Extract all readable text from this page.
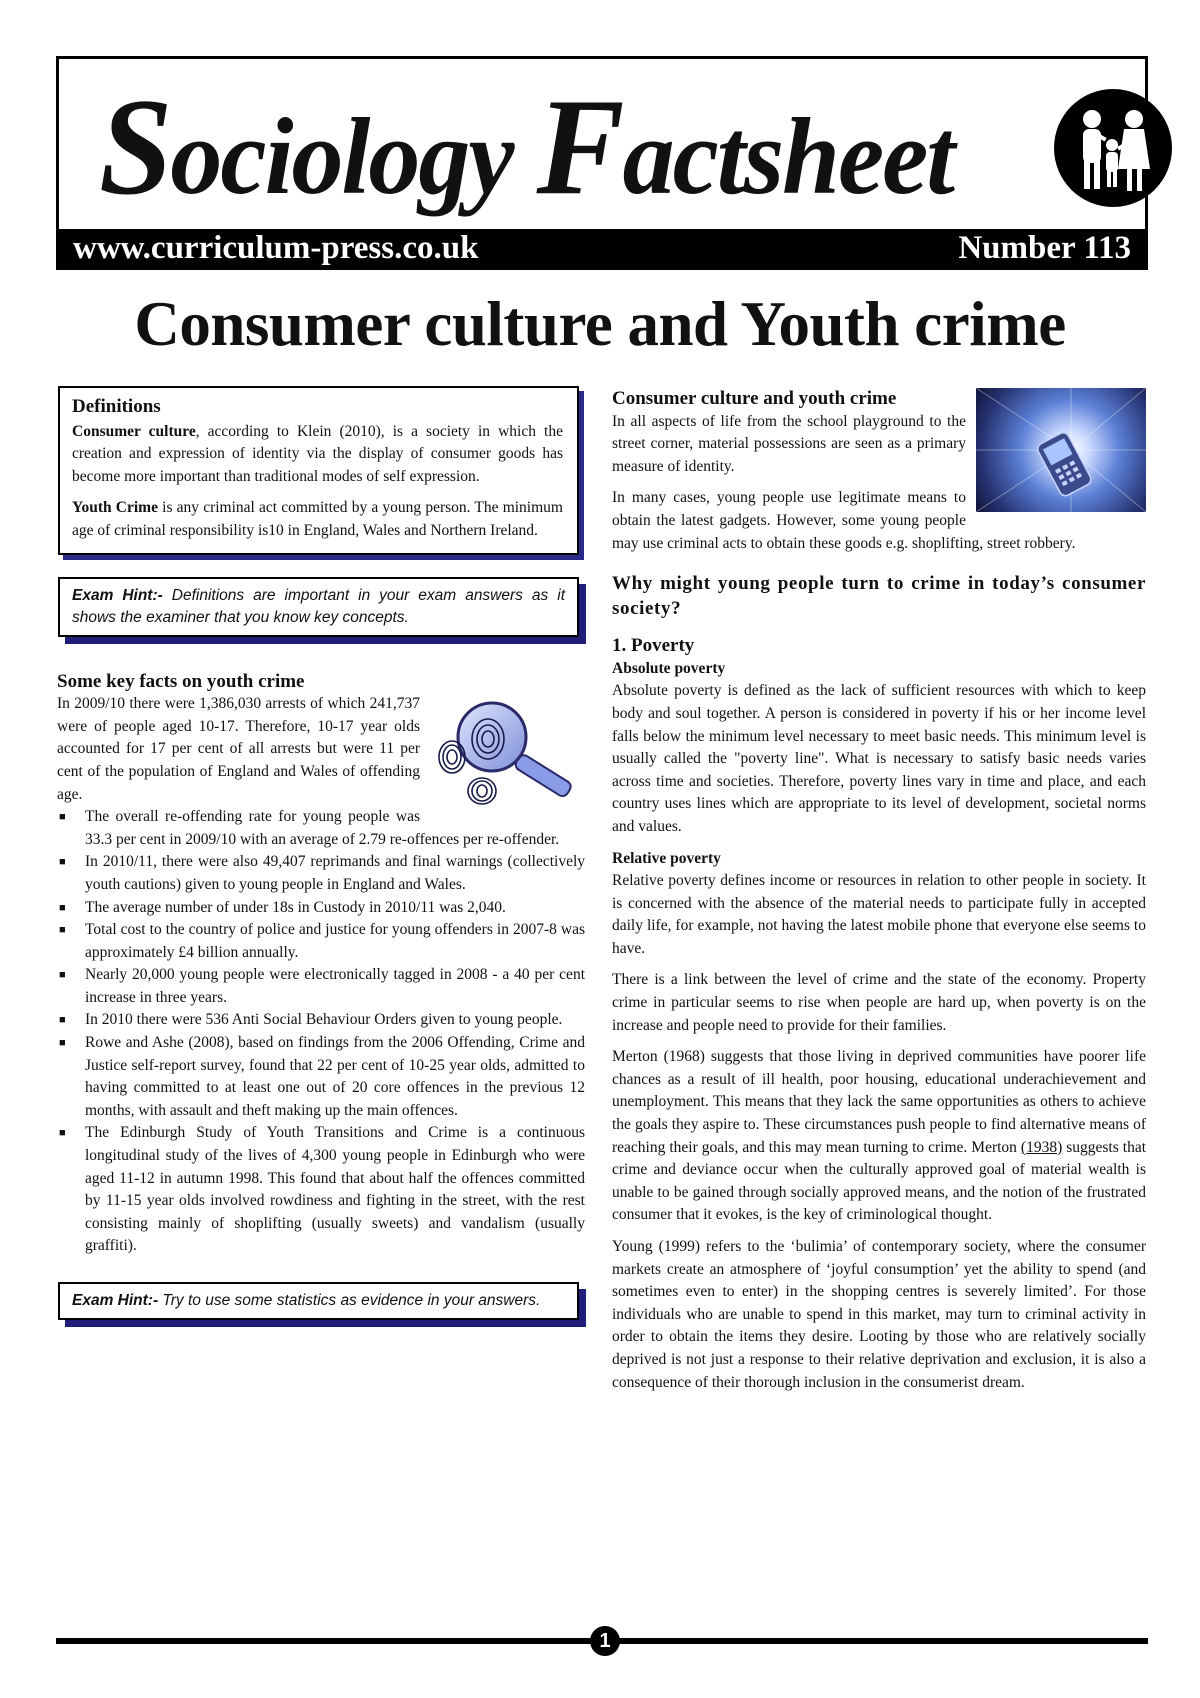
Sociology Factsheet
www.curriculum-press.co.uk	Number 113
Consumer culture and Youth crime
Definitions

Consumer culture, according to Klein (2010), is a society in which the creation and expression of identity via the display of consumer goods has become more important than traditional modes of self expression.

Youth Crime is any criminal act committed by a young person. The minimum age of criminal responsibility is10 in England, Wales and Northern Ireland.

Exam Hint:- Definitions are important in your exam answers as it shows the examiner that you know key concepts.
Some key facts on youth crime

In 2009/10 there were 1,386,030 arrests of which 241,737 were of people aged 10-17. Therefore, 10-17 year olds accounted for 17 per cent of all arrests but were 11 per cent of the population of England and Wales of offending age.

■ The overall re-offending rate for young people was 33.3 per cent in 2009/10 with an average of 2.79 re-offences per re-offender.
■ In 2010/11, there were also 49,407 reprimands and final warnings (collectively youth cautions) given to young people in England and Wales.
■ The average number of under 18s in Custody in 2010/11 was 2,040.
■ Total cost to the country of police and justice for young offenders in 2007-8 was approximately £4 billion annually.
■ Nearly 20,000 young people were electronically tagged in 2008 - a 40 per cent increase in three years.
■ In 2010 there were 536 Anti Social Behaviour Orders given to young people.
■ Rowe and Ashe (2008), based on findings from the 2006 Offending, Crime and Justice self-report survey, found that 22 per cent of 10-25 year olds, admitted to having committed to at least one out of 20 core offences in the previous 12 months, with assault and theft making up the main offences.
■ The Edinburgh Study of Youth Transitions and Crime is a continuous longitudinal study of the lives of 4,300 young people in Edinburgh who were aged 11-12 in autumn 1998. This found that about half the offences committed by 11-15 year olds involved rowdiness and fighting in the street, with the rest consisting mainly of shoplifting (usually sweets) and vandalism (usually graffiti).
Exam Hint:- Try to use some statistics as evidence in your answers.
Consumer culture and youth crime

In all aspects of life from the school playground to the street corner, material possessions are seen as a primary measure of identity.

In many cases, young people use legitimate means to obtain the latest gadgets. However, some young people may use criminal acts to obtain these goods e.g. shoplifting, street robbery.

Why might young people turn to crime in today’s consumer society?
1. Poverty
Absolute poverty

Absolute poverty is defined as the lack of sufficient resources with which to keep body and soul together. A person is considered in poverty if his or her income level falls below the minimum level necessary to meet basic needs. This minimum level is usually called the "poverty line". What is necessary to satisfy basic needs varies across time and societies. Therefore, poverty lines vary in time and place, and each country uses lines which are appropriate to its level of development, societal norms and values.

Relative poverty

Relative poverty defines income or resources in relation to other people in society. It is concerned with the absence of the material needs to participate fully in accepted daily life, for example, not having the latest mobile phone that everyone else seems to have.

There is a link between the level of crime and the state of the economy. Property crime in particular seems to rise when people are hard up, when poverty is on the increase and people need to provide for their families.

Merton (1968) suggests that those living in deprived communities have poorer life chances as a result of ill health, poor housing, educational underachievement and unemployment. This means that they lack the same opportunities as others to achieve the goals they aspire to. These circumstances push people to find alternative means of reaching their goals, and this may mean turning to crime. Merton (1938) suggests that crime and deviance occur when the culturally approved goal of material wealth is unable to be gained through socially approved means, and the notion of the frustrated consumer that it evokes, is the key of criminological thought.

Young (1999) refers to the ‘bulimia’ of contemporary society, where the consumer markets create an atmosphere of ‘joyful consumption’ yet the ability to spend (and sometimes even to enter) in the shopping centres is severely limited’. For those individuals who are unable to spend in this market, may turn to criminal activity in order to obtain the items they desire. Looting by those who are relatively socially deprived is not just a response to their relative deprivation and exclusion, it is also a consequence of their thorough inclusion in the consumerist dream.

1
